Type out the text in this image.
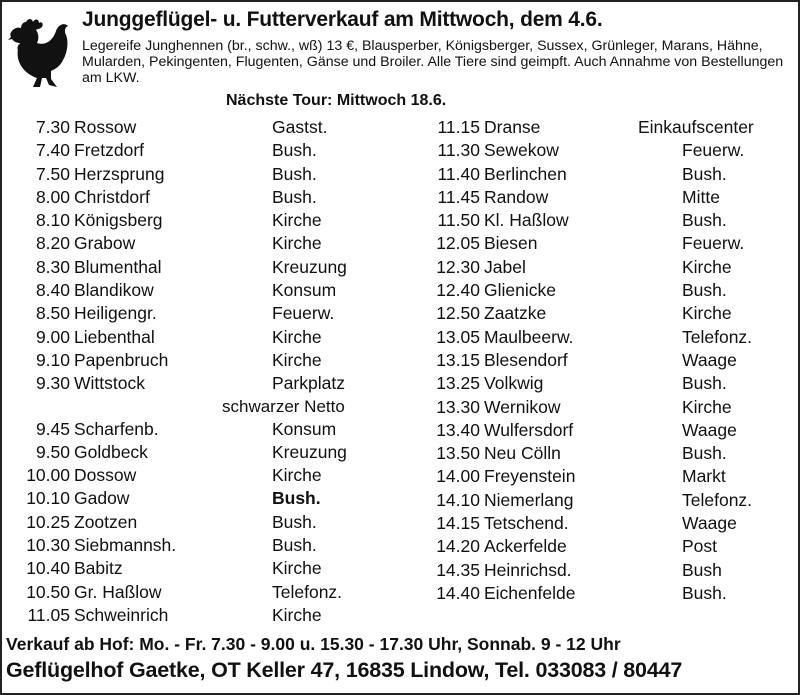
Junggeflügel- u. Futterverkauf am Mittwoch, dem 4.6.
Legereife Junghennen (br., schw., wß) 13 €, Blausperber, Königsberger, Sussex, Grünleger, Marans, Hähne, Mularden, Pekingenten, Flugenten, Gänse und Broiler. Alle Tiere sind geimpft. Auch Annahme von Bestellungen am LKW.
Nächste Tour: Mittwoch 18.6.
7.30 Rossow	Gastst.
7.40 Fretzdorf	Bush.
7.50 Herzsprung	Bush.
8.00 Christdorf	Bush.
8.10 Königsberg	Kirche
8.20 Grabow	Kirche
8.30 Blumenthal	Kreuzung
8.40 Blandikow	Konsum
8.50 Heiligengr.	Feuerw.
9.00 Liebenthal	Kirche
9.10 Papenbruch	Kirche
9.30 Wittstock	Parkplatz
schwarzer Netto
9.45 Scharfenb.	Konsum
9.50 Goldbeck	Kreuzung
10.00 Dossow	Kirche
10.10 Gadow	Bush.
10.25 Zootzen	Bush.
10.30 Siebmannsh.	Bush.
10.40 Babitz	Kirche
10.50 Gr. Haßlow	Telefonz.
11.05 Schweinrich	Kirche
11.15 Dranse	Einkaufscenter
11.30 Sewekow	Feuerw.
11.40 Berlinchen	Bush.
11.45 Randow	Mitte
11.50 Kl. Haßlow	Bush.
12.05 Biesen	Feuerw.
12.30 Jabel	Kirche
12.40 Glienicke	Bush.
12.50 Zaatzke	Kirche
13.05 Maulbeerw.	Telefonz.
13.15 Blesendorf	Waage
13.25 Volkwig	Bush.
13.30 Wernikow	Kirche
13.40 Wulfersdorf	Waage
13.50 Neu Cölln	Bush.
14.00 Freyenstein	Markt
14.10 Niemerlang	Telefonz.
14.15 Tetschend.	Waage
14.20 Ackerfelde	Post
14.35 Heinrichsd.	Bush
14.40 Eichenfelde	Bush.
Verkauf ab Hof: Mo. - Fr. 7.30 - 9.00 u. 15.30 - 17.30 Uhr, Sonnab. 9 - 12 Uhr
Geflügelhof Gaetke, OT Keller 47, 16835 Lindow, Tel. 033083 / 80447
